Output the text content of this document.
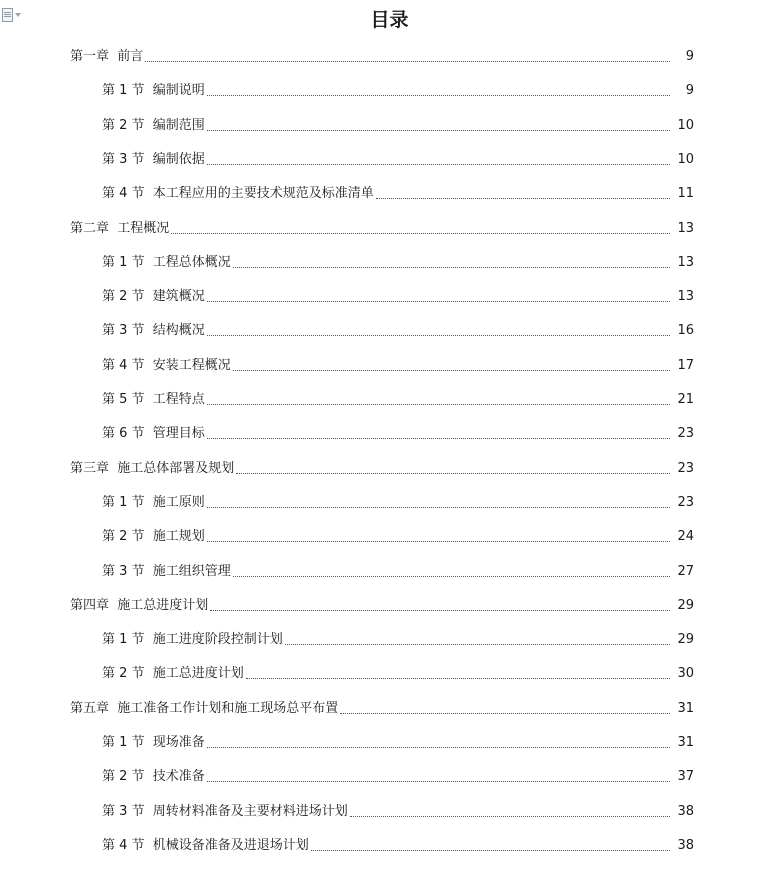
目录
第一章  前言	9
第 1 节  编制说明	9
第 2 节  编制范围	10
第 3 节  编制依据	10
第 4 节  本工程应用的主要技术规范及标准清单	11
第二章  工程概况	13
第 1 节  工程总体概况	13
第 2 节  建筑概况	13
第 3 节  结构概况	16
第 4 节  安装工程概况	17
第 5 节  工程特点	21
第 6 节  管理目标	23
第三章  施工总体部署及规划	23
第 1 节  施工原则	23
第 2 节  施工规划	24
第 3 节  施工组织管理	27
第四章  施工总进度计划	29
第 1 节  施工进度阶段控制计划	29
第 2 节  施工总进度计划	30
第五章  施工准备工作计划和施工现场总平布置	31
第 1 节  现场准备	31
第 2 节  技术准备	37
第 3 节  周转材料准备及主要材料进场计划	38
第 4 节  机械设备准备及进退场计划	38
